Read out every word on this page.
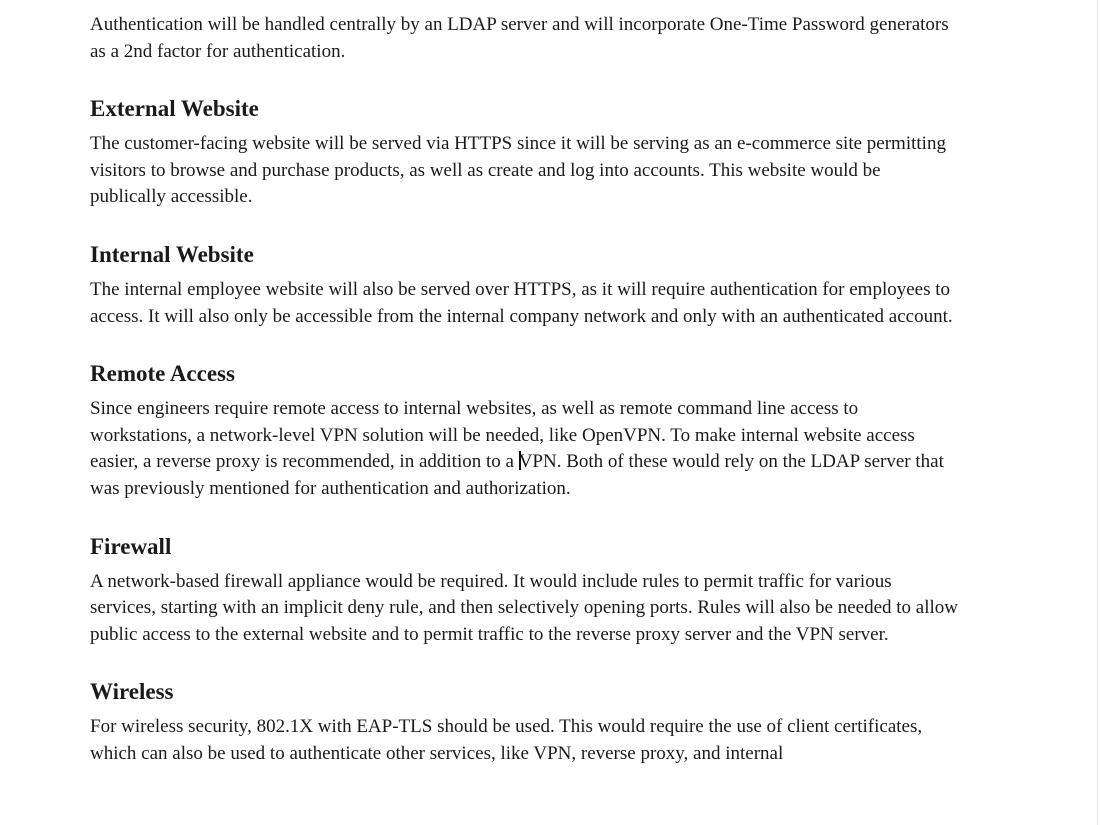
Authentication will be handled centrally by an LDAP server and will incorporate One-Time Password generators as a 2nd factor for authentication.

External Website

The customer-facing website will be served via HTTPS since it will be serving as an e-commerce site permitting visitors to browse and purchase products, as well as create and log into accounts. This website would be publically accessible.

Internal Website

The internal employee website will also be served over HTTPS, as it will require authentication for employees to access. It will also only be accessible from the internal company network and only with an authenticated account.

Remote Access

Since engineers require remote access to internal websites, as well as remote command line access to workstations, a network-level VPN solution will be needed, like OpenVPN. To make internal website access easier, a reverse proxy is recommended, in addition to a VPN. Both of these would rely on the LDAP server that was previously mentioned for authentication and authorization.

Firewall

A network-based firewall appliance would be required. It would include rules to permit traffic for various services, starting with an implicit deny rule, and then selectively opening ports. Rules will also be needed to allow public access to the external website and to permit traffic to the reverse proxy server and the VPN server.

Wireless

For wireless security, 802.1X with EAP-TLS should be used. This would require the use of client certificates, which can also be used to authenticate other services, like VPN, reverse proxy, and internal
